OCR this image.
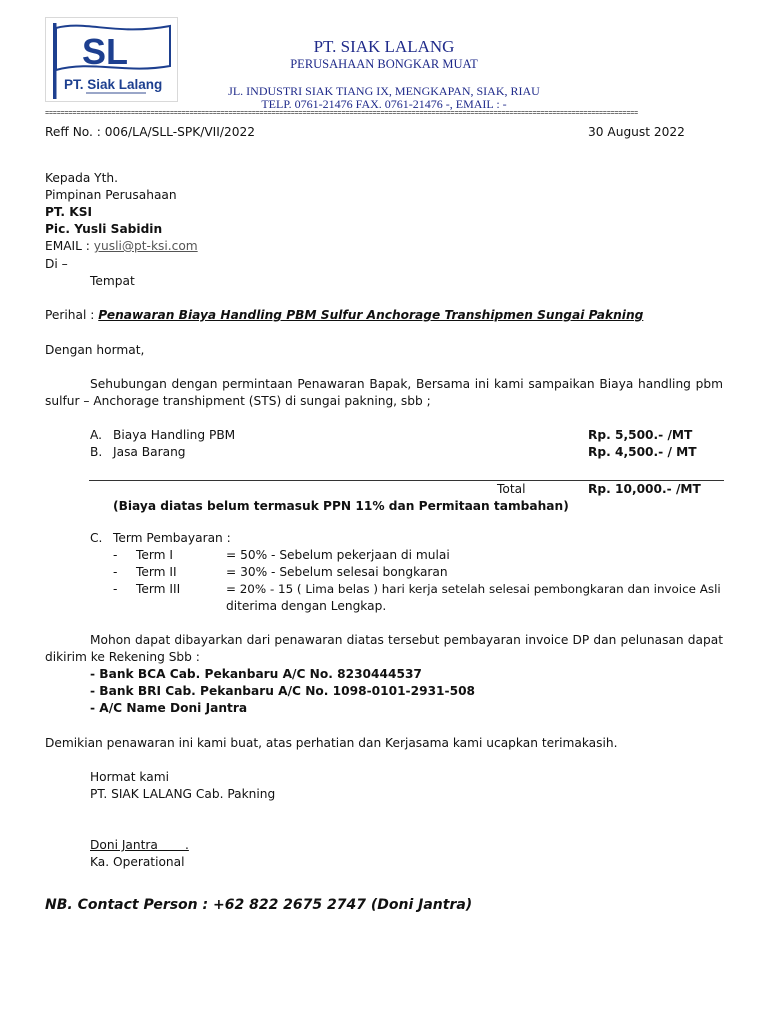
SL
PT. Siak Lalang
PT. SIAK LALANG
PERUSAHAAN BONGKAR MUAT
JL. INDUSTRI SIAK TIANG IX, MENGKAPAN, SIAK, RIAU
TELP. 0761-21476 FAX. 0761-21476 -, EMAIL : -
========================================================================================================================================================
Reff No. : 006/LA/SLL-SPK/VII/2022	30 August 2022
Kepada Yth.
Pimpinan Perusahaan
PT. KSI
Pic. Yusli Sabidin
EMAIL : yusli@pt-ksi.com
Di –
Tempat
Perihal : Penawaran Biaya Handling PBM Sulfur Anchorage Transhipmen Sungai Pakning
Dengan hormat,
Sehubungan dengan permintaan Penawaran Bapak, Bersama ini kami sampaikan Biaya handling pbm
sulfur – Anchorage transhipment (STS) di sungai pakning, sbb ;
A. Biaya Handling PBM	Rp. 5,500.- /MT
B. Jasa Barang	Rp. 4,500.- / MT
Total	Rp. 10,000.- /MT
(Biaya diatas belum termasuk PPN 11% dan Permitaan tambahan)
C. Term Pembayaran :
- Term I	= 50% - Sebelum pekerjaan di mulai
- Term II	= 30% - Sebelum selesai bongkaran
- Term III	= 20% - 15 ( Lima belas ) hari kerja setelah selesai pembongkaran dan invoice Asli
diterima dengan Lengkap.
Mohon dapat dibayarkan dari penawaran diatas tersebut pembayaran invoice DP dan pelunasan dapat
dikirim ke Rekening Sbb :
- Bank BCA Cab. Pekanbaru A/C No. 8230444537
- Bank BRI Cab. Pekanbaru A/C No. 1098-0101-2931-508
- A/C Name Doni Jantra
Demikian penawaran ini kami buat, atas perhatian dan Kerjasama kami ucapkan terimakasih.
Hormat kami
PT. SIAK LALANG Cab. Pakning
Doni Jantra       .
Ka. Operational
NB. Contact Person : +62 822 2675 2747 (Doni Jantra)
